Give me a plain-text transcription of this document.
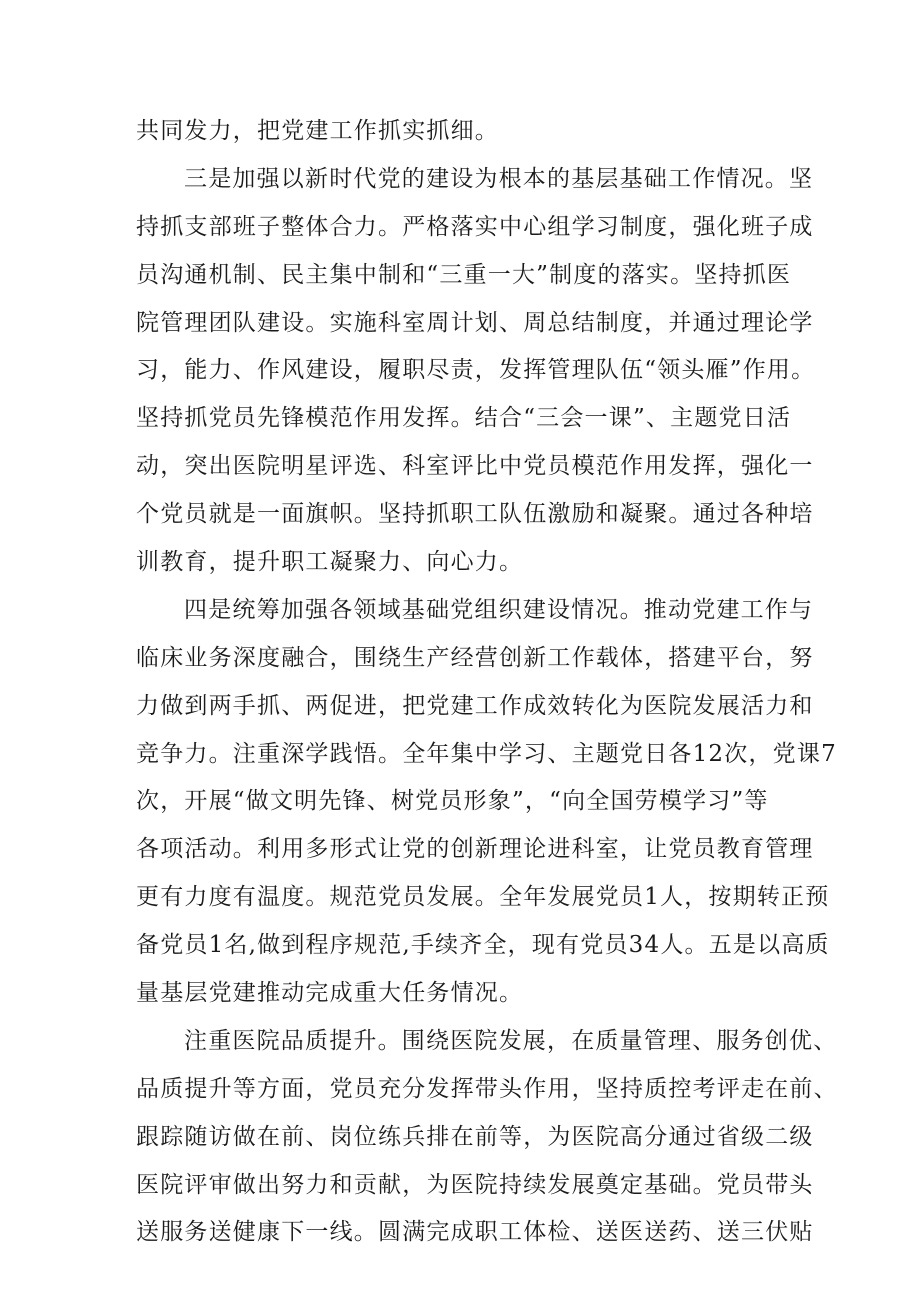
共同发力，把党建工作抓实抓细。
三是加强以新时代党的建设为根本的基层基础工作情况。坚
持抓支部班子整体合力。严格落实中心组学习制度，强化班子成
员沟通机制、民主集中制和“三重一大”制度的落实。坚持抓医
院管理团队建设。实施科室周计划、周总结制度，并通过理论学
习，能力、作风建设，履职尽责，发挥管理队伍“领头雁”作用。
坚持抓党员先锋模范作用发挥。结合“三会一课”、主题党日活
动，突出医院明星评选、科室评比中党员模范作用发挥，强化一
个党员就是一面旗帜。坚持抓职工队伍激励和凝聚。通过各种培
训教育，提升职工凝聚力、向心力。
四是统筹加强各领域基础党组织建设情况。推动党建工作与
临床业务深度融合，围绕生产经营创新工作载体，搭建平台，努
力做到两手抓、两促进，把党建工作成效转化为医院发展活力和
竞争力。注重深学践悟。全年集中学习、主题党日各12次，党课7
次，开展“做文明先锋、树党员形象”，“向全国劳模学习”等
各项活动。利用多形式让党的创新理论进科室，让党员教育管理
更有力度有温度。规范党员发展。全年发展党员1人，按期转正预
备党员1名,做到程序规范,手续齐全，现有党员34人。五是以高质
量基层党建推动完成重大任务情况。
注重医院品质提升。围绕医院发展，在质量管理、服务创优、
品质提升等方面，党员充分发挥带头作用，坚持质控考评走在前、
跟踪随访做在前、岗位练兵排在前等，为医院高分通过省级二级
医院评审做出努力和贡献，为医院持续发展奠定基础。党员带头
送服务送健康下一线。圆满完成职工体检、送医送药、送三伏贴
